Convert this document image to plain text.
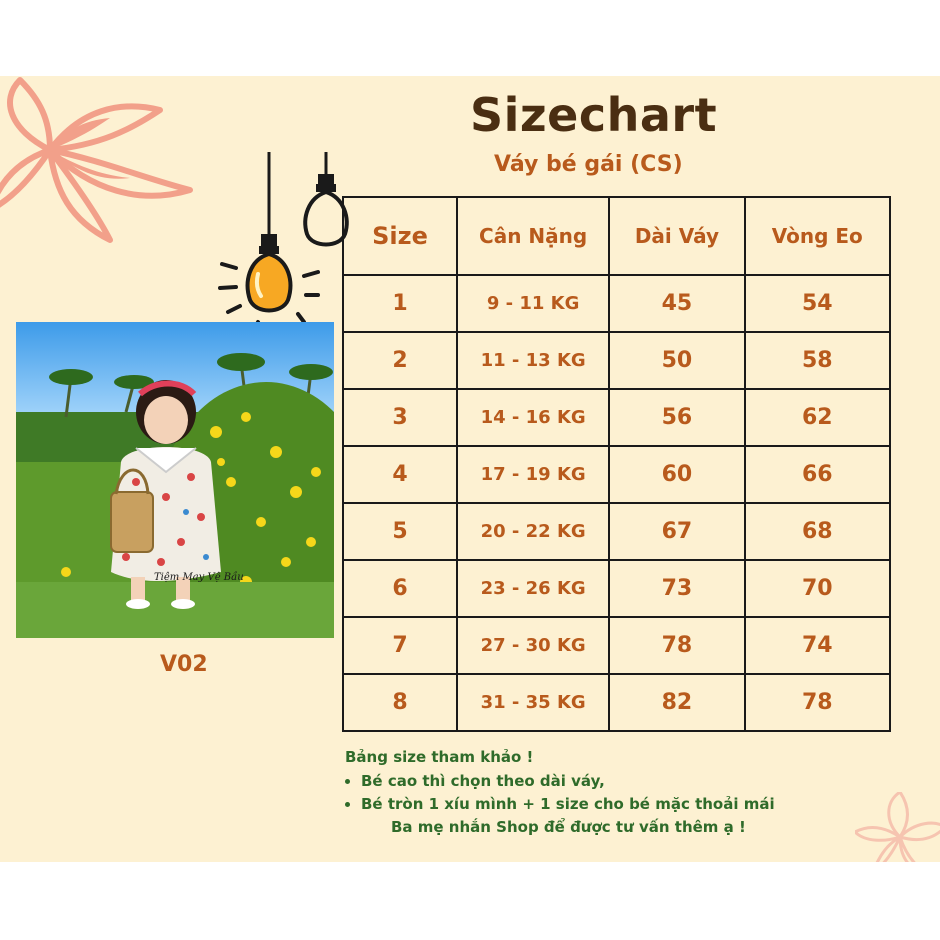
Tiệm May Vệ Bầu
V02
Sizechart
Váy bé gái (CS)
Size	Cân Nặng	Dài Váy	Vòng Eo
1	9 - 11 KG	45	54
2	11 - 13 KG	50	58
3	14 - 16 KG	56	62
4	17 - 19 KG	60	66
5	20 - 22 KG	67	68
6	23 - 26 KG	73	70
7	27 - 30 KG	78	74
8	31 - 35 KG	82	78
Bảng size tham khảo !
• Bé cao thì chọn theo dài váy,
• Bé tròn 1 xíu mình + 1 size cho bé mặc thoải mái
Ba mẹ nhắn Shop để được tư vấn thêm ạ !
